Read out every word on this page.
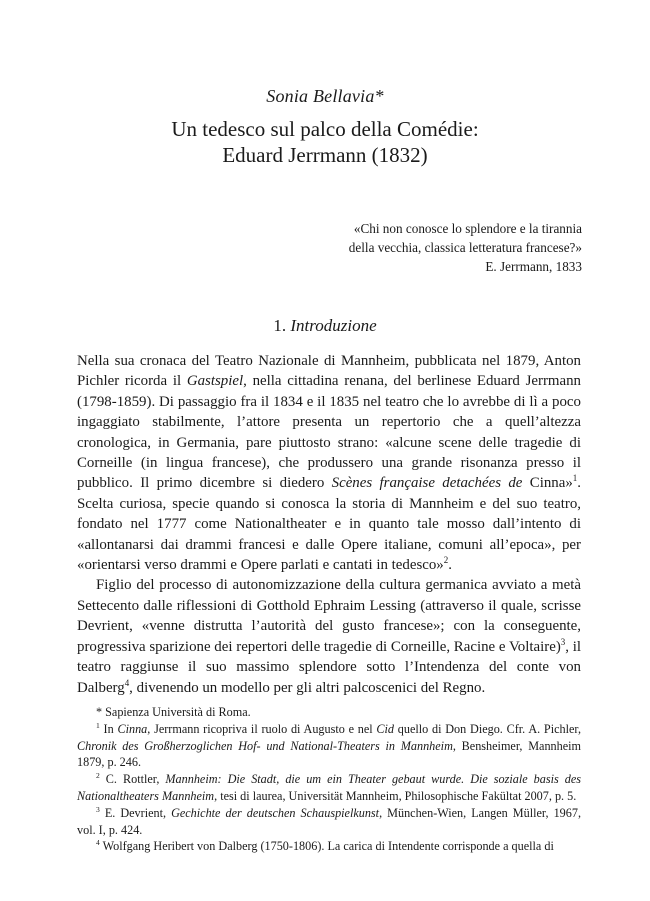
Sonia Bellavia*
Un tedesco sul palco della Comédie:
Eduard Jerrmann (1832)
«Chi non conosce lo splendore e la tirannia
della vecchia, classica letteratura francese?»
E. Jerrmann, 1833
1. Introduzione

Nella sua cronaca del Teatro Nazionale di Mannheim, pubblicata nel 1879, Anton Pichler ricorda il Gastspiel, nella cittadina renana, del berlinese Eduard Jerrmann (1798-1859). Di passaggio fra il 1834 e il 1835 nel teatro che lo avrebbe di lì a poco ingaggiato stabilmente, l’attore presenta un repertorio che a quell’altezza cronologica, in Germania, pare piuttosto strano: «alcune scene delle tragedie di Corneille (in lingua francese), che produssero una grande risonanza presso il pubblico. Il primo dicembre si diedero Scènes française detachées de Cinna»$^1$. Scelta curiosa, specie quando si conosca la storia di Mannheim e del suo teatro, fondato nel 1777 come Nationaltheater e in quanto tale mosso dall’intento di «allontanarsi dai drammi francesi e dalle Opere italiane, comuni all’epoca», per «orientarsi verso drammi e Opere parlati e cantati in tedesco»$^2$.

Figlio del processo di autonomizzazione della cultura germanica avviato a metà Settecento dalle riflessioni di Gotthold Ephraim Lessing (attraverso il quale, scrisse Devrient, «venne distrutta l’autorità del gusto francese»; con la conseguente, progressiva sparizione dei repertori delle tragedie di Corneille, Racine e Voltaire)$^3$, il teatro raggiunse il suo massimo splendore sotto l’Intendenza del conte von Dalberg$^4$, divenendo un modello per gli altri palcoscenici del Regno.

* Sapienza Università di Roma.

$^1$ In Cinna, Jerrmann ricopriva il ruolo di Augusto e nel Cid quello di Don Diego. Cfr. A. Pichler, Chronik des Großherzoglichen Hof- und National-Theaters in Mannheim, Bensheimer, Mannheim 1879, p. 246.

$^2$ C. Rottler, Mannheim: Die Stadt, die um ein Theater gebaut wurde. Die soziale basis des Nationaltheaters Mannheim, tesi di laurea, Universität Mannheim, Philosophische Fakültat 2007, p. 5.

$^3$ E. Devrient, Gechichte der deutschen Schauspielkunst, München-Wien, Langen Müller, 1967, vol. I, p. 424.

$^4$ Wolfgang Heribert von Dalberg (1750-1806). La carica di Intendente corrisponde a quella di
